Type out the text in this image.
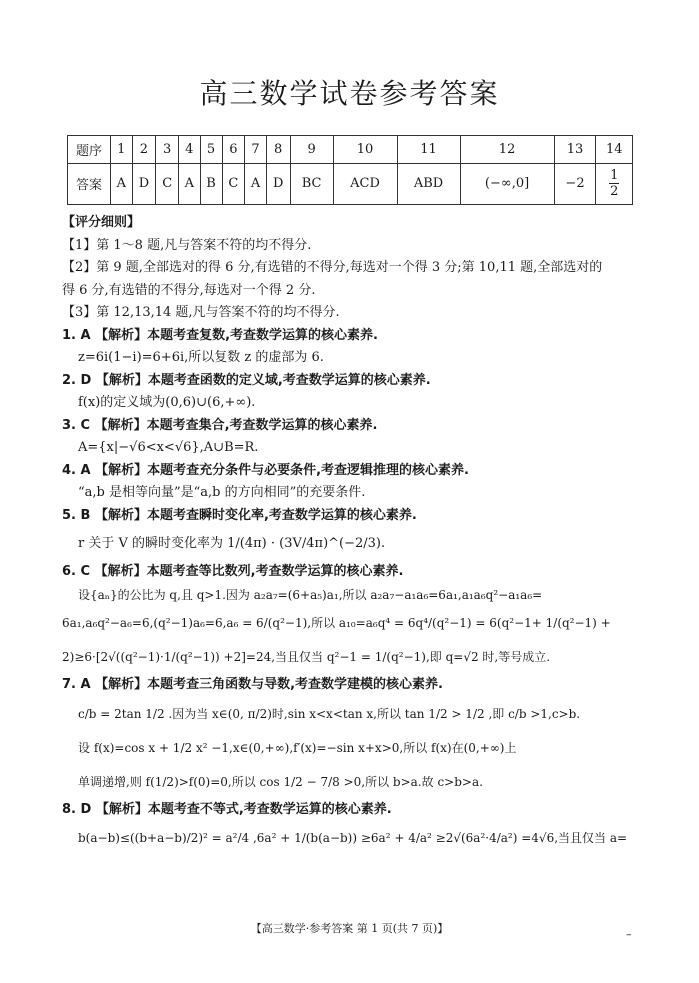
高三数学试卷参考答案
题序	1	2	3	4	5	6	7	8	9	10	11	12	13	14
答案	A	D	C	A	B	C	A	D	BC	ACD	ABD	(−∞,0]	−2	$\frac{1}{2}$
【评分细则】
【1】第 1～8 题,凡与答案不符的均不得分.
【2】第 9 题,全部选对的得 6 分,有选错的不得分,每选对一个得 3 分;第 10,11 题,全部选对的
得 6 分,有选错的不得分,每选对一个得 2 分.
【3】第 12,13,14 题,凡与答案不符的均不得分.
1. A 【解析】本题考查复数,考查数学运算的核心素养.
z=6i(1−i)=6+6i,所以复数 z 的虚部为 6.
2. D 【解析】本题考查函数的定义域,考查数学运算的核心素养.
f(x)的定义域为(0,6)∪(6,+∞).
3. C 【解析】本题考查集合,考查数学运算的核心素养.
A={x|−√6<x<√6},A∪B=R.
4. A 【解析】本题考查充分条件与必要条件,考查逻辑推理的核心素养.
“a,b 是相等向量”是“a,b 的方向相同”的充要条件.
5. B 【解析】本题考查瞬时变化率,考查数学运算的核心素养.
r 关于 V 的瞬时变化率为 1/(4π) · (3V/4π)^(−2/3).
6. C 【解析】本题考查等比数列,考查数学运算的核心素养.
设{aₙ}的公比为 q,且 q>1.因为 a₂a₇=(6+a₅)a₁,所以 a₂a₇−a₁a₆=6a₁,a₁a₆q²−a₁a₆=
6a₁,a₆q²−a₆=6,(q²−1)a₆=6,a₆ = 6/(q²−1),所以 a₁₀=a₆q⁴ = 6q⁴/(q²−1) = 6(q²−1+ 1/(q²−1) +
2)≥6·[2√((q²−1)·1/(q²−1)) +2]=24,当且仅当 q²−1 = 1/(q²−1),即 q=√2 时,等号成立.
7. A 【解析】本题考查三角函数与导数,考查数学建模的核心素养.
c/b = 2tan 1/2 .因为当 x∈(0, π/2)时,sin x<x<tan x,所以 tan 1/2 > 1/2 ,即 c/b >1,c>b.
设 f(x)=cos x + 1/2 x² −1,x∈(0,+∞),f′(x)=−sin x+x>0,所以 f(x)在(0,+∞)上
单调递增,则 f(1/2)>f(0)=0,所以 cos 1/2 − 7/8 >0,所以 b>a.故 c>b>a.
8. D 【解析】本题考查不等式,考查数学运算的核心素养.
b(a−b)≤((b+a−b)/2)² = a²/4 ,6a² + 1/(b(a−b)) ≥6a² + 4/a² ≥2√(6a²·4/a²) =4√6,当且仅当 a=
【高三数学·参考答案 第 1 页(共 7 页)】	–
